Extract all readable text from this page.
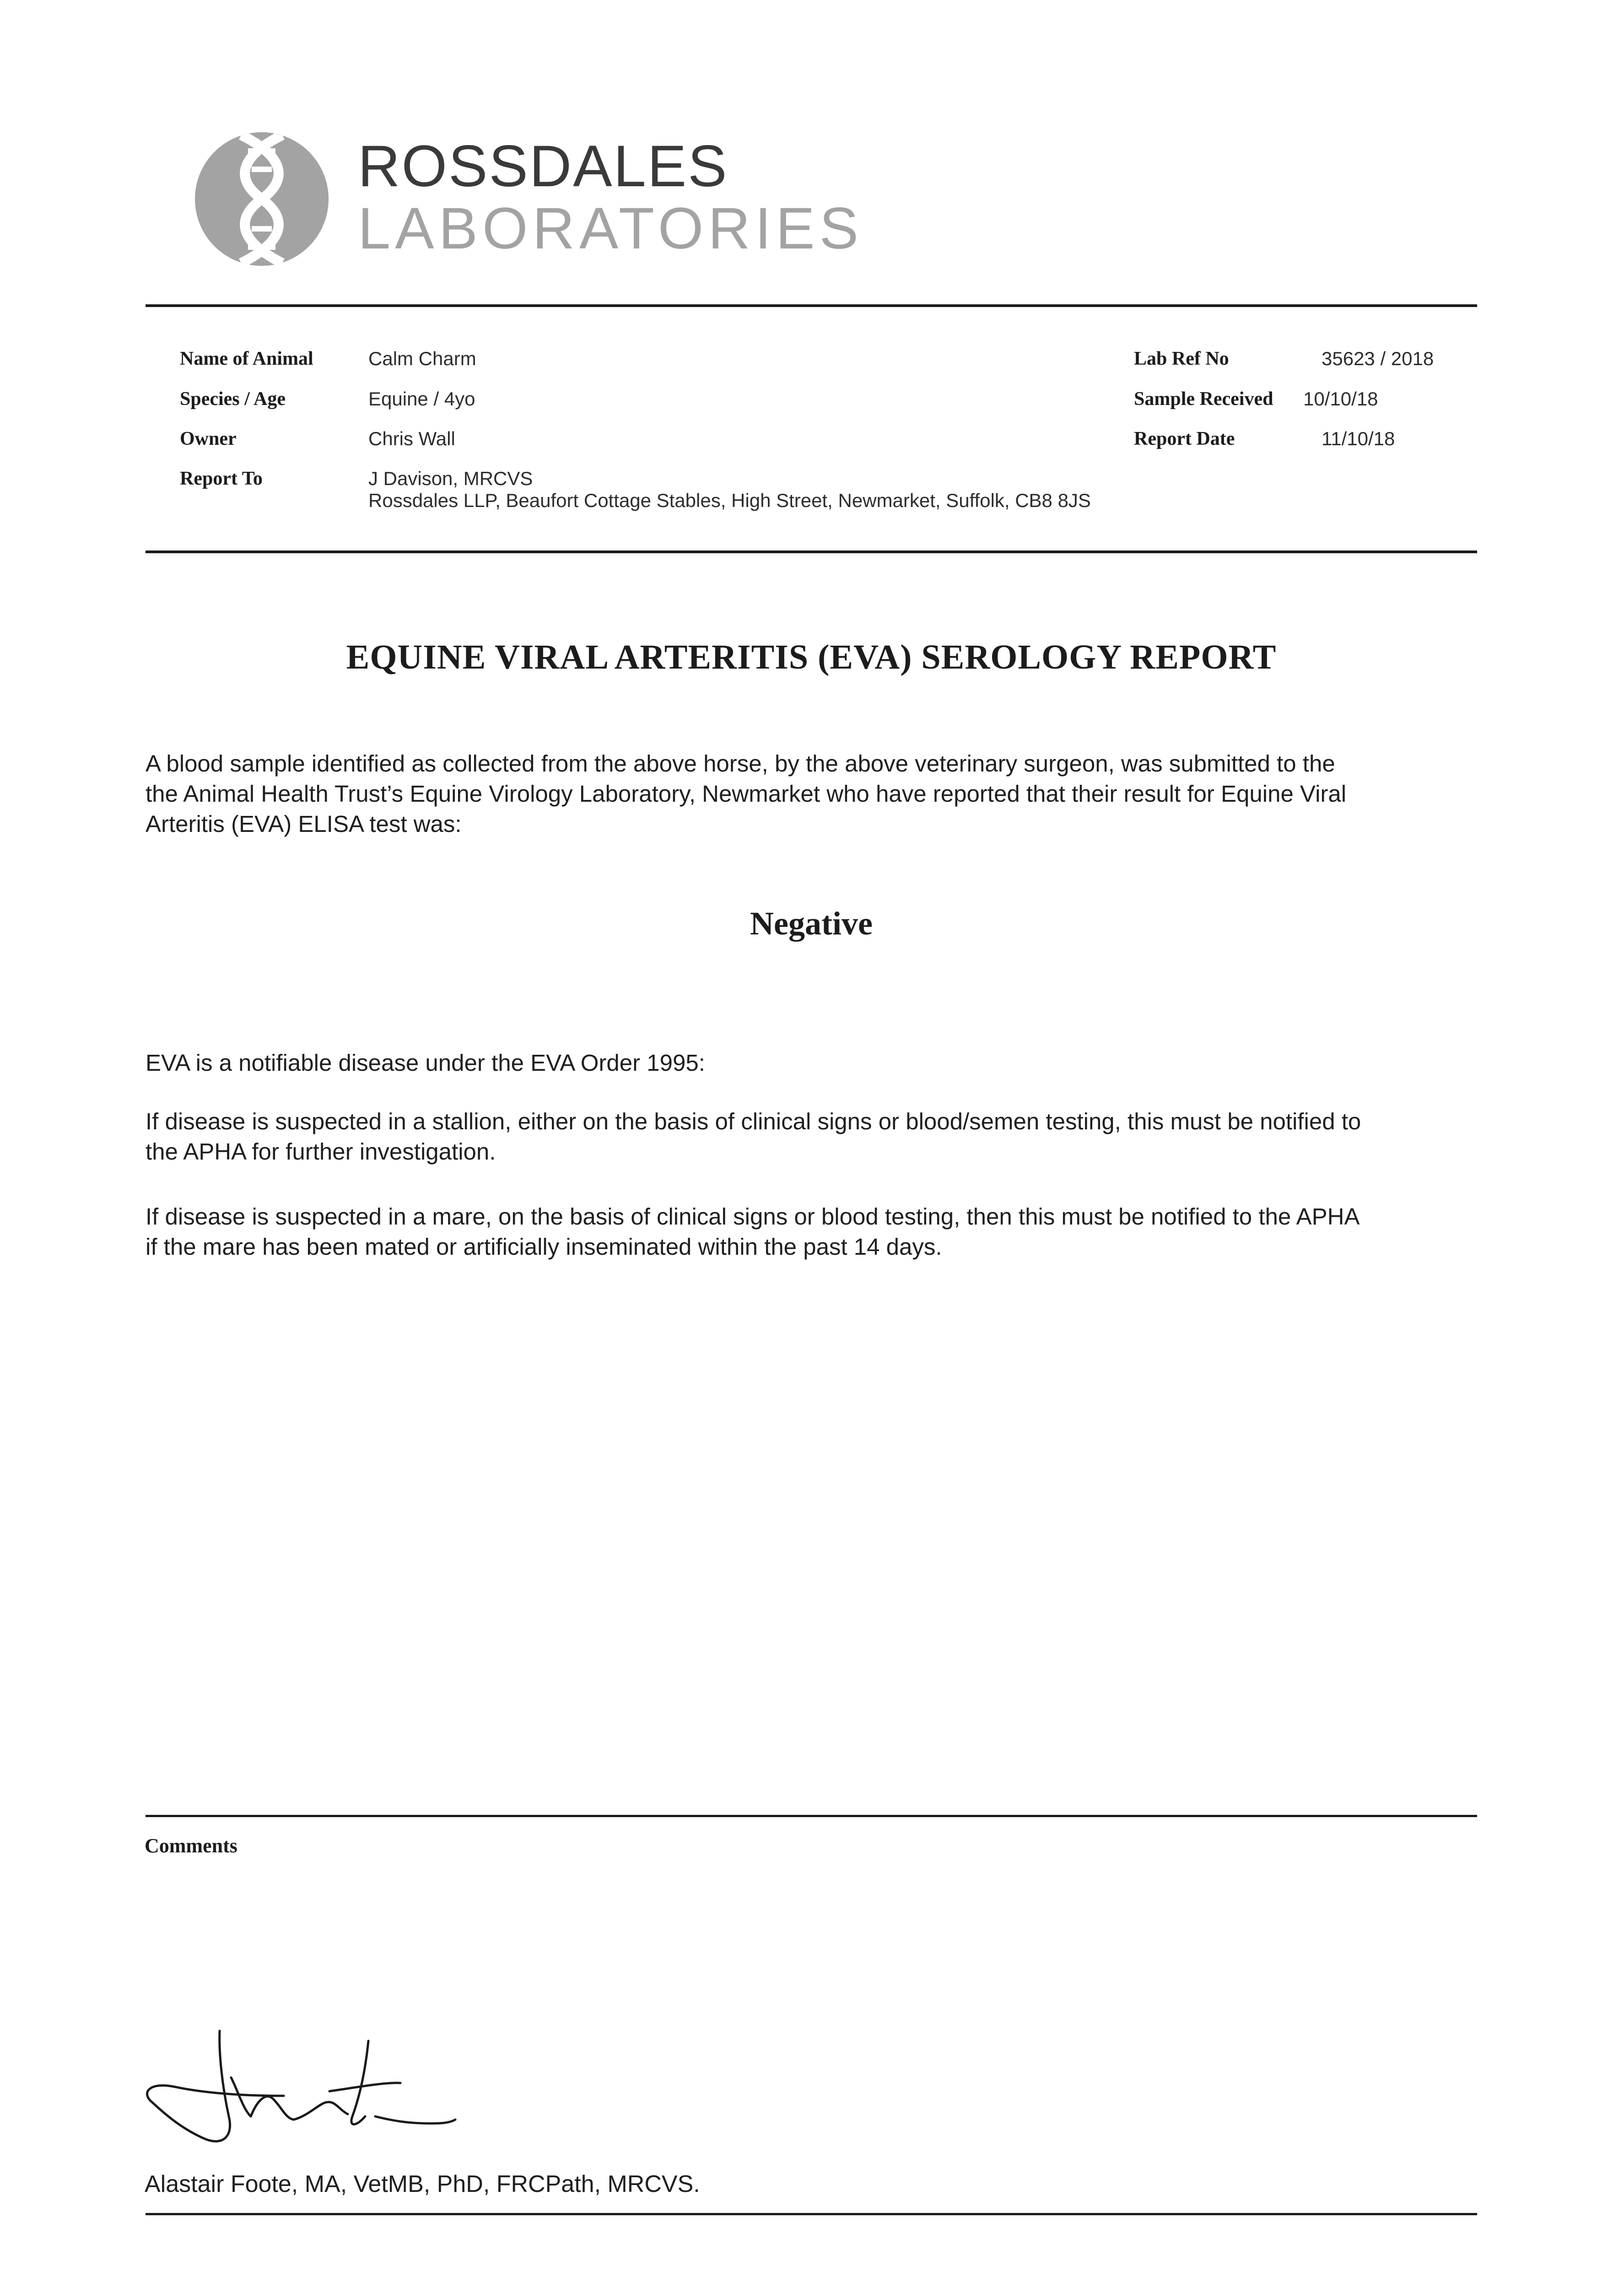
ROSSDALES
LABORATORIES
Name of Animal	Calm Charm
Species / Age	Equine / 4yo
Owner	Chris Wall
Report To	J Davison, MRCVS
Rossdales LLP, Beaufort Cottage Stables, High Street, Newmarket, Suffolk, CB8 8JS
Lab Ref No	35623 / 2018
Sample Received 10/10/18
Report Date	11/10/18
EQUINE VIRAL ARTERITIS (EVA) SEROLOGY REPORT
A blood sample identified as collected from the above horse, by the above veterinary surgeon, was submitted to the
the Animal Health Trust’s Equine Virology Laboratory, Newmarket who have reported that their result for Equine Viral
Arteritis (EVA) ELISA test was:
Negative
EVA is a notifiable disease under the EVA Order 1995:
If disease is suspected in a stallion, either on the basis of clinical signs or blood/semen testing, this must be notified to
the APHA for further investigation.
If disease is suspected in a mare, on the basis of clinical signs or blood testing, then this must be notified to the APHA
if the mare has been mated or artificially inseminated within the past 14 days.
Comments
Alastair Foote, MA, VetMB, PhD, FRCPath, MRCVS.
